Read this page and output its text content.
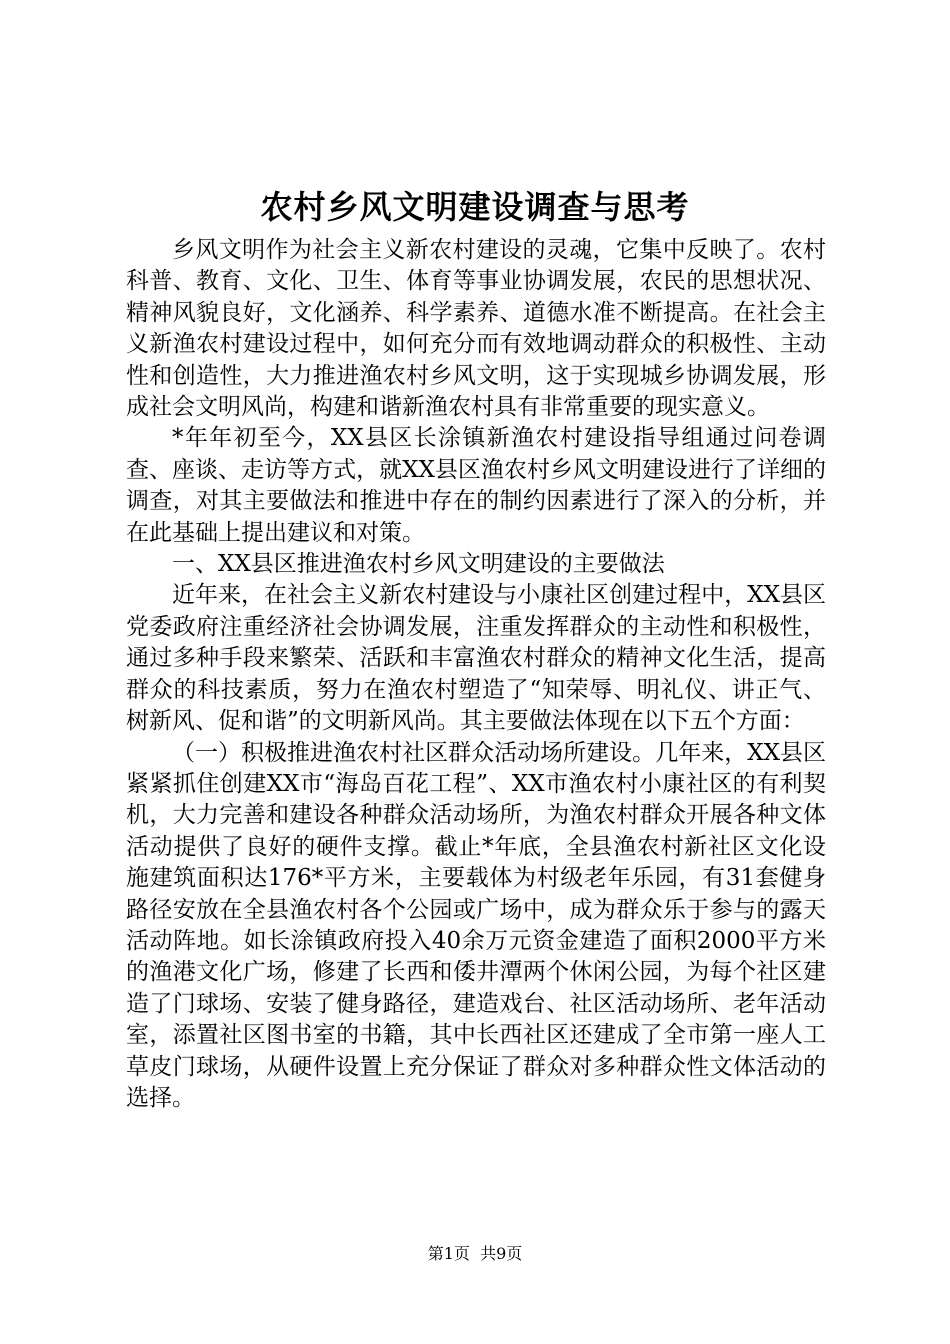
农村乡风文明建设调查与思考

乡风文明作为社会主义新农村建设的灵魂，它集中反映了。农村科普、教育、文化、卫生、体育等事业协调发展，农民的思想状况、精神风貌良好，文化涵养、科学素养、道德水准不断提高。在社会主义新渔农村建设过程中，如何充分而有效地调动群众的积极性、主动性和创造性，大力推进渔农村乡风文明，这于实现城乡协调发展，形成社会文明风尚，构建和谐新渔农村具有非常重要的现实意义。

*年年初至今，XX县区长涂镇新渔农村建设指导组通过问卷调查、座谈、走访等方式，就XX县区渔农村乡风文明建设进行了详细的调查，对其主要做法和推进中存在的制约因素进行了深入的分析，并在此基础上提出建议和对策。

一、XX县区推进渔农村乡风文明建设的主要做法

近年来，在社会主义新农村建设与小康社区创建过程中，XX县区党委政府注重经济社会协调发展，注重发挥群众的主动性和积极性，通过多种手段来繁荣、活跃和丰富渔农村群众的精神文化生活，提高群众的科技素质，努力在渔农村塑造了“知荣辱、明礼仪、讲正气、树新风、促和谐”的文明新风尚。其主要做法体现在以下五个方面：

（一）积极推进渔农村社区群众活动场所建设。几年来，XX县区紧紧抓住创建XX市“海岛百花工程”、XX市渔农村小康社区的有利契机，大力完善和建设各种群众活动场所，为渔农村群众开展各种文体活动提供了良好的硬件支撑。截止*年底，全县渔农村新社区文化设施建筑面积达176*平方米，主要载体为村级老年乐园，有31套健身路径安放在全县渔农村各个公园或广场中，成为群众乐于参与的露天活动阵地。如长涂镇政府投入40余万元资金建造了面积2000平方米的渔港文化广场，修建了长西和倭井潭两个休闲公园，为每个社区建造了门球场、安装了健身路径，建造戏台、社区活动场所、老年活动室，添置社区图书室的书籍，其中长西社区还建成了全市第一座人工草皮门球场，从硬件设置上充分保证了群众对多种群众性文体活动的选择。

第1页  共9页
